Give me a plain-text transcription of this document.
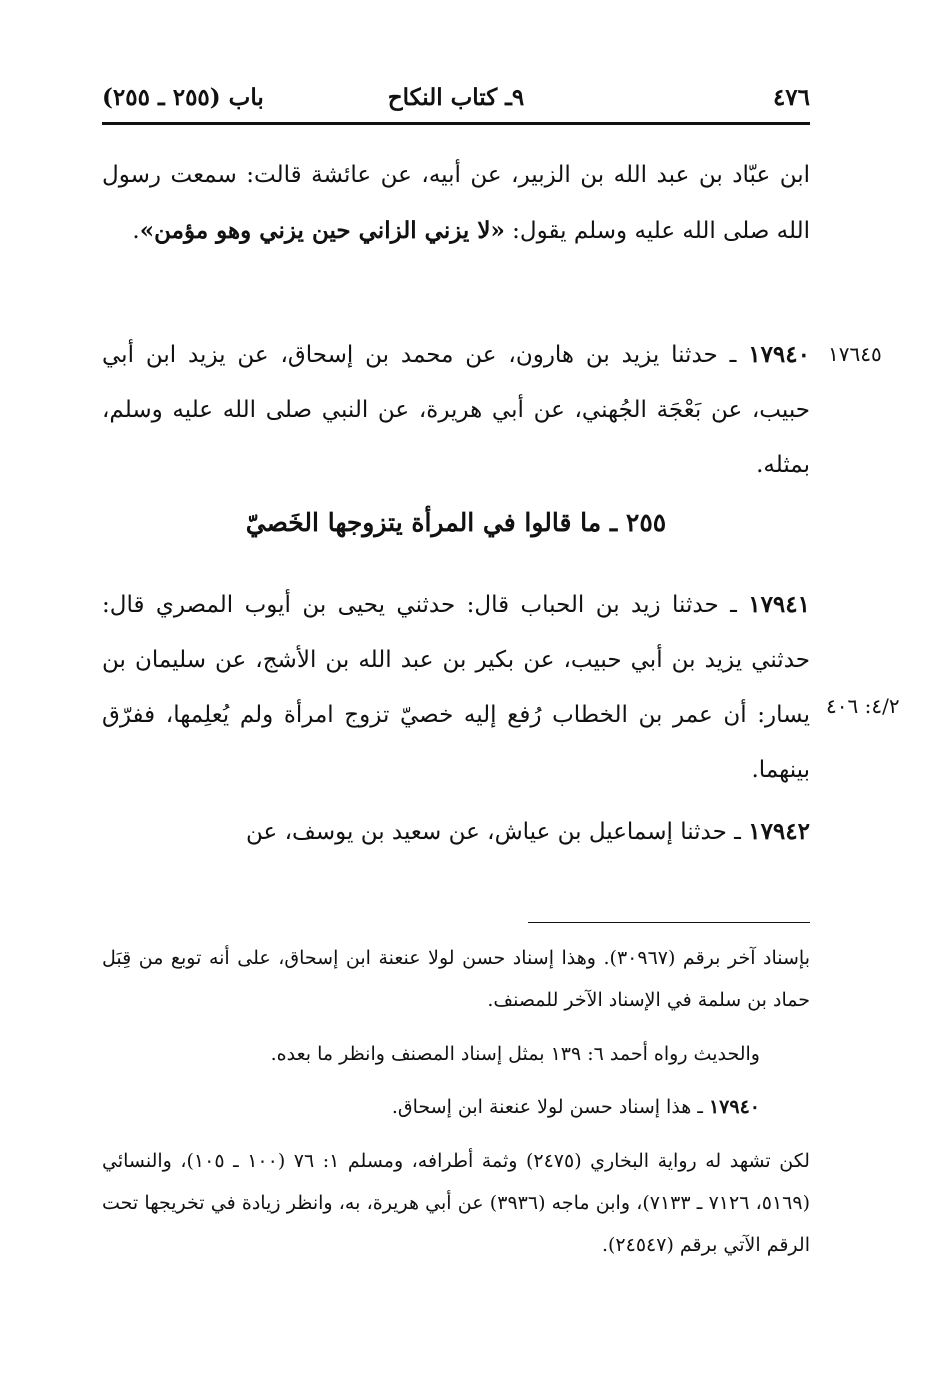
٤٧٦
٩ـ كتاب النكاح
باب (٢٥٥ ـ ٢٥٥)
ابن عبّاد بن عبد الله بن الزبير، عن أبيه، عن عائشة قالت: سمعت رسول الله صلى الله عليه وسلم يقول: «لا يزني الزاني حين يزني وهو مؤمن».
١٧٦٤٥
١٧٩٤٠ ـ حدثنا يزيد بن هارون، عن محمد بن إسحاق، عن يزيد ابن أبي حبيب، عن بَعْجَة الجُهني، عن أبي هريرة، عن النبي صلى الله عليه وسلم، بمثله.
٢٥٥ ـ ما قالوا في المرأة يتزوجها الخَصيّ
٤/٢: ٤٠٦
١٧٩٤١ ـ حدثنا زيد بن الحباب قال: حدثني يحيى بن أيوب المصري قال: حدثني يزيد بن أبي حبيب، عن بكير بن عبد الله بن الأشج، عن سليمان بن يسار: أن عمر بن الخطاب رُفع إليه خصيّ تزوج امرأة ولم يُعلِمها، ففرّق بينهما.
١٧٩٤٢ ـ حدثنا إسماعيل بن عياش، عن سعيد بن يوسف، عن
بإسناد آخر برقم (٣٠٩٦٧). وهذا إسناد حسن لولا عنعنة ابن إسحاق، على أنه توبع من قِبَل حماد بن سلمة في الإسناد الآخر للمصنف.
والحديث رواه أحمد ٦: ١٣٩ بمثل إسناد المصنف وانظر ما بعده.
١٧٩٤٠ ـ هذا إسناد حسن لولا عنعنة ابن إسحاق.
لكن تشهد له رواية البخاري (٢٤٧٥) وثمة أطرافه، ومسلم ١: ٧٦ (١٠٠ ـ ١٠٥)، والنسائي (٥١٦٩، ٧١٢٦ ـ ٧١٣٣)، وابن ماجه (٣٩٣٦) عن أبي هريرة، به، وانظر زيادة في تخريجها تحت الرقم الآتي برقم (٢٤٥٤٧).
